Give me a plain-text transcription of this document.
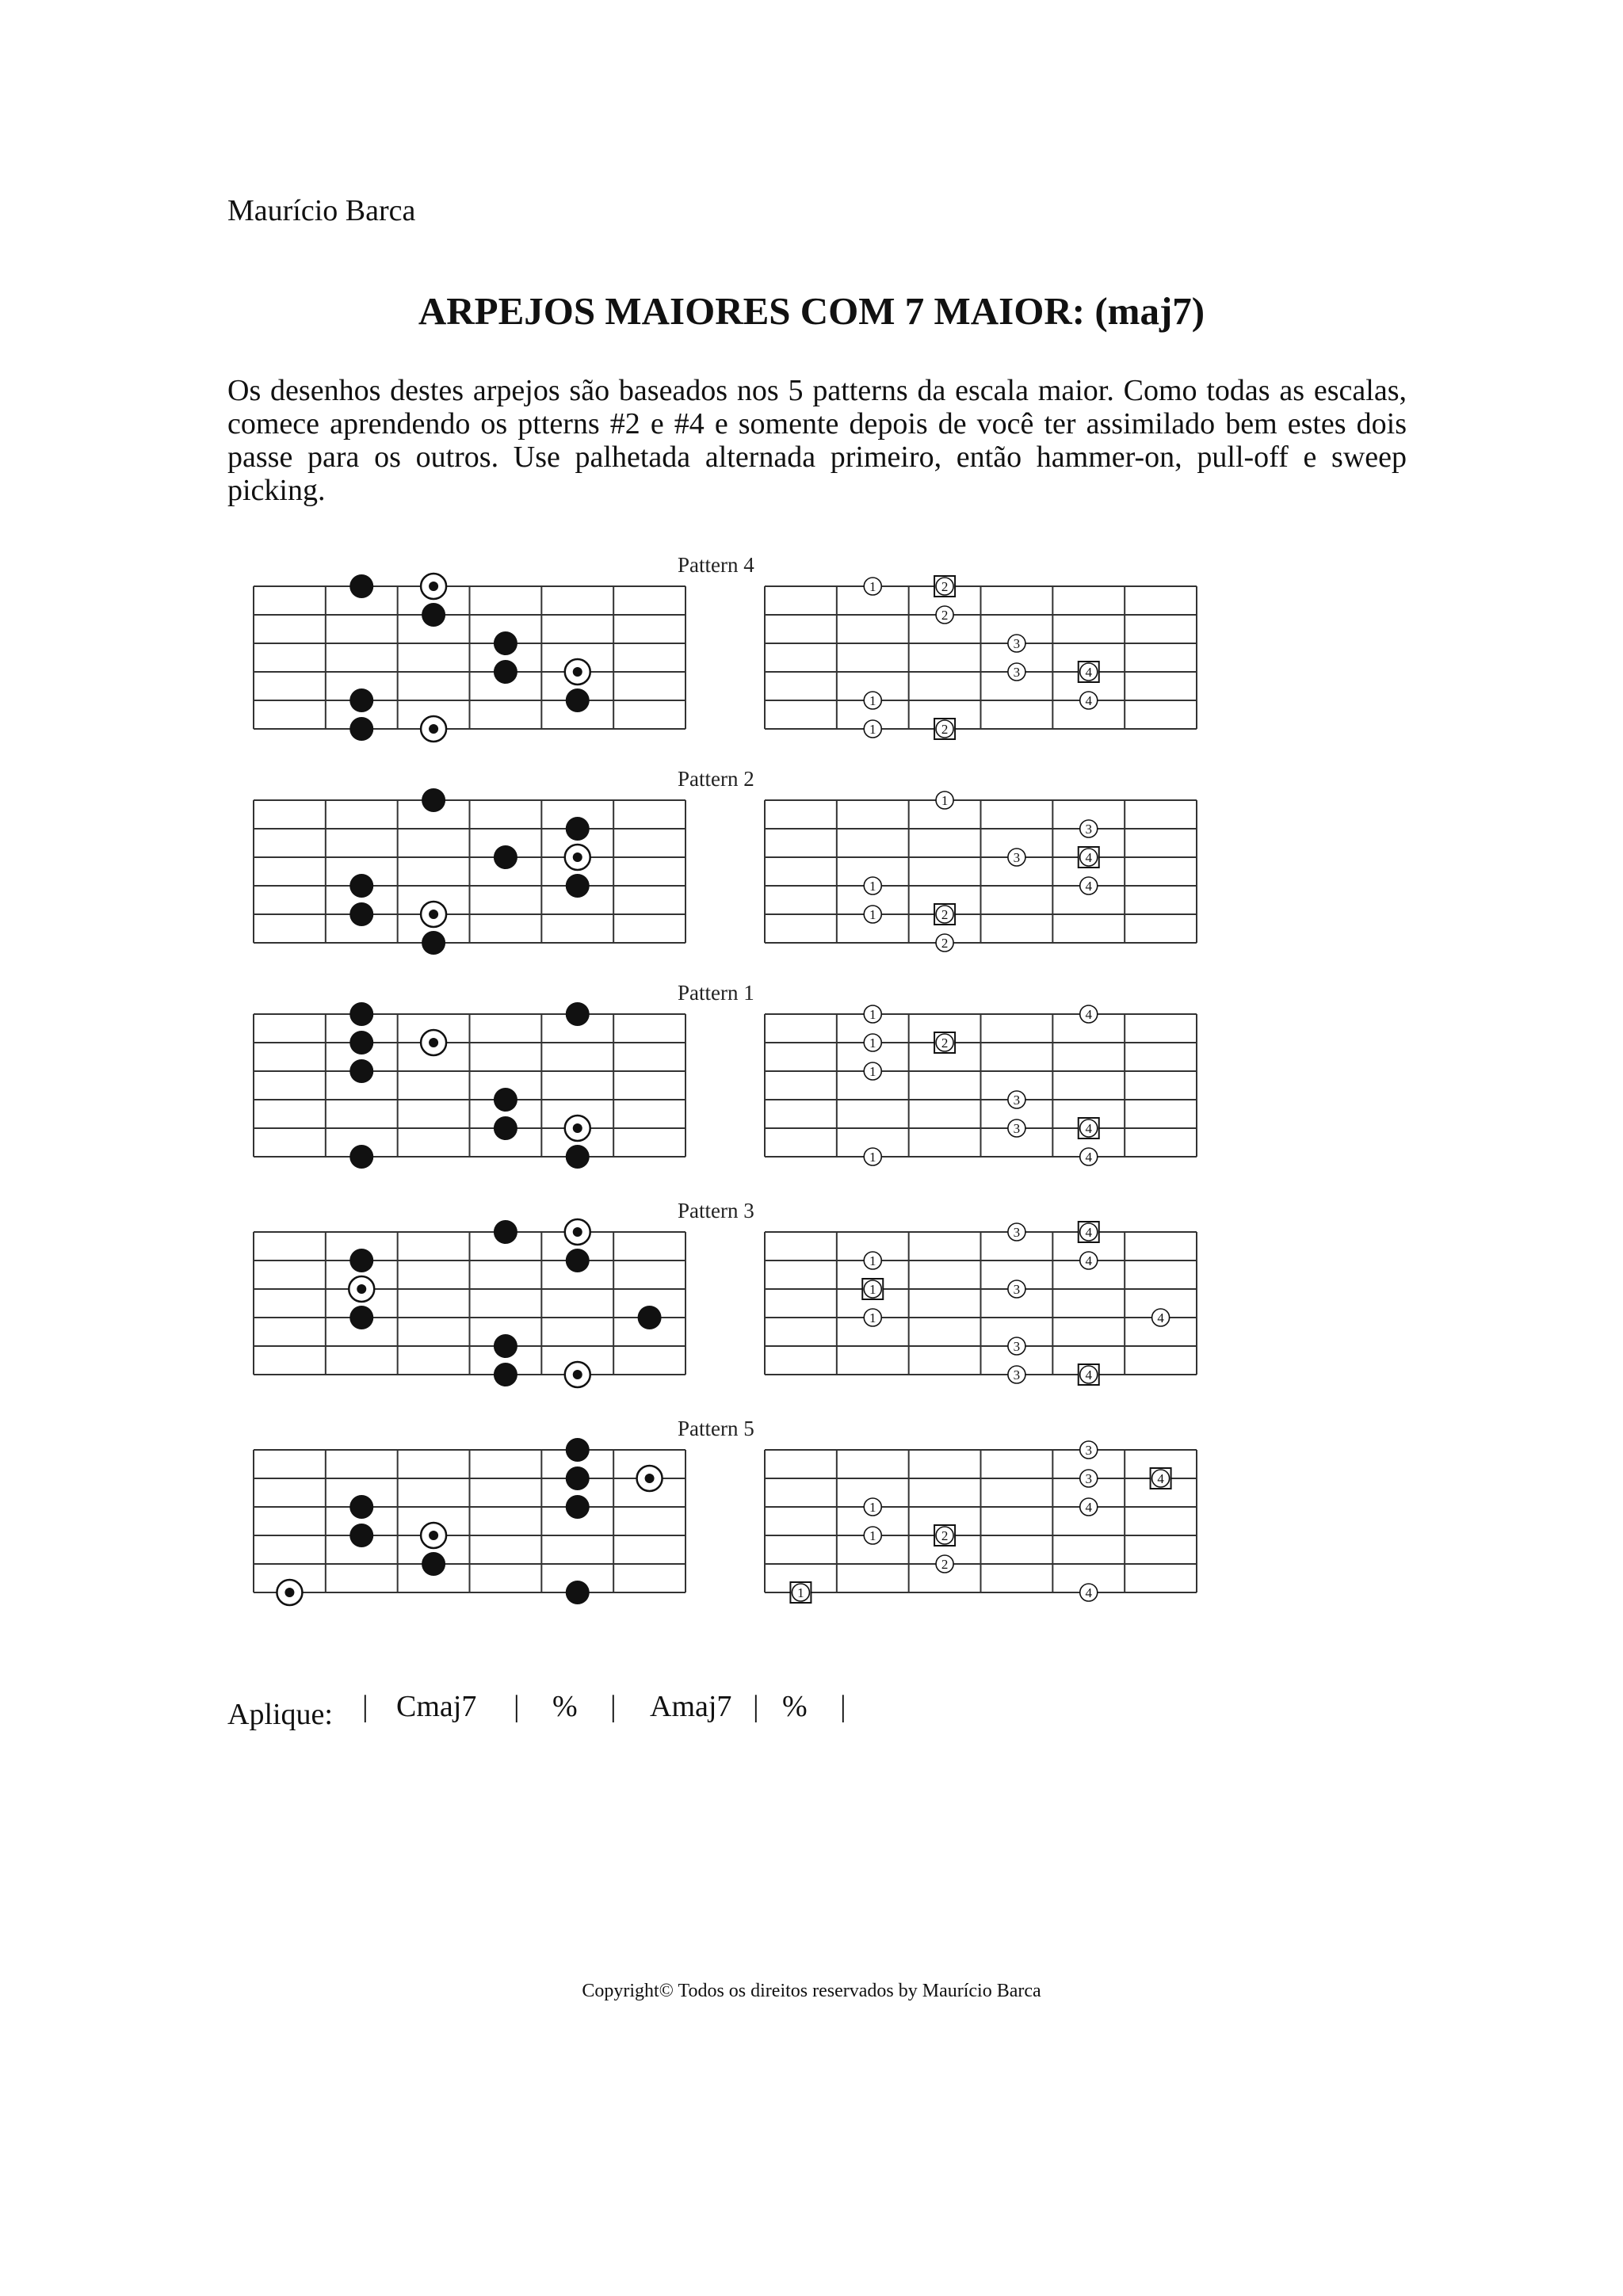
Maurício Barca
ARPEJOS MAIORES COM 7 MAIOR: (maj7)
Os desenhos destes arpejos são baseados nos 5 patterns da escala maior. Como todas as escalas, comece aprendendo os ptterns #2 e #4 e somente depois de você ter assimilado bem estes dois passe para os outros. Use palhetada alternada primeiro, então hammer-on, pull-off e sweep picking.
Pattern 4
1	2
2
3
3	4
1	4
1	2
Pattern 2
1
3
3	4
1	4
1	2
2
Pattern 1
1	4
1	2
1
3
3	4
1	4
Pattern 3
3	4
1	4
1	3
1	4
3
3	4
Pattern 5
3
3	4
1	4
1	2
2
1	4
Aplique: | Cmaj7 | % | Amaj7 | % |
Copyright© Todos os direitos reservados by Maurício Barca
